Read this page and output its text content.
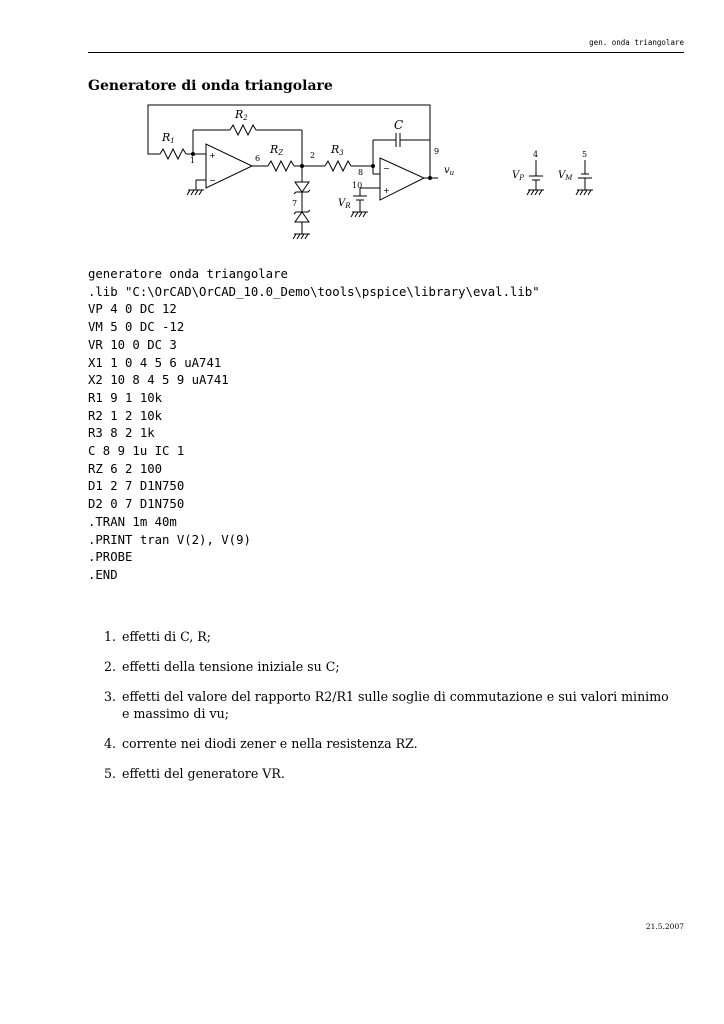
gen. onda triangolare
Generatore di onda triangolare
R1
R2
RZ	R3
C
$v_u$
$V_R$
$V_P$	$V_M$
1	6	2
7
8
10
9	4	5
+
−
−
+
generatore onda triangolare
.lib "C:\OrCAD\OrCAD_10.0_Demo\tools\pspice\library\eval.lib"
VP 4 0 DC 12
VM 5 0 DC -12
VR 10 0 DC 3
X1 1 0 4 5 6 uA741
X2 10 8 4 5 9 uA741
R1 9 1 10k
R2 1 2 10k
R3 8 2 1k
C 8 9 1u IC 1
RZ 6 2 100
D1 2 7 D1N750
D2 0 7 D1N750
.TRAN 1m 40m
.PRINT tran V(2), V(9)
.PROBE
.END
1. effetti di C, R;
2. effetti della tensione iniziale su C;
3. effetti del valore del rapporto R2/R1 sulle soglie di commutazione e sui valori minimo e massimo di vu;
4. corrente nei diodi zener e nella resistenza RZ.
5. effetti del generatore VR.
21.5.2007
